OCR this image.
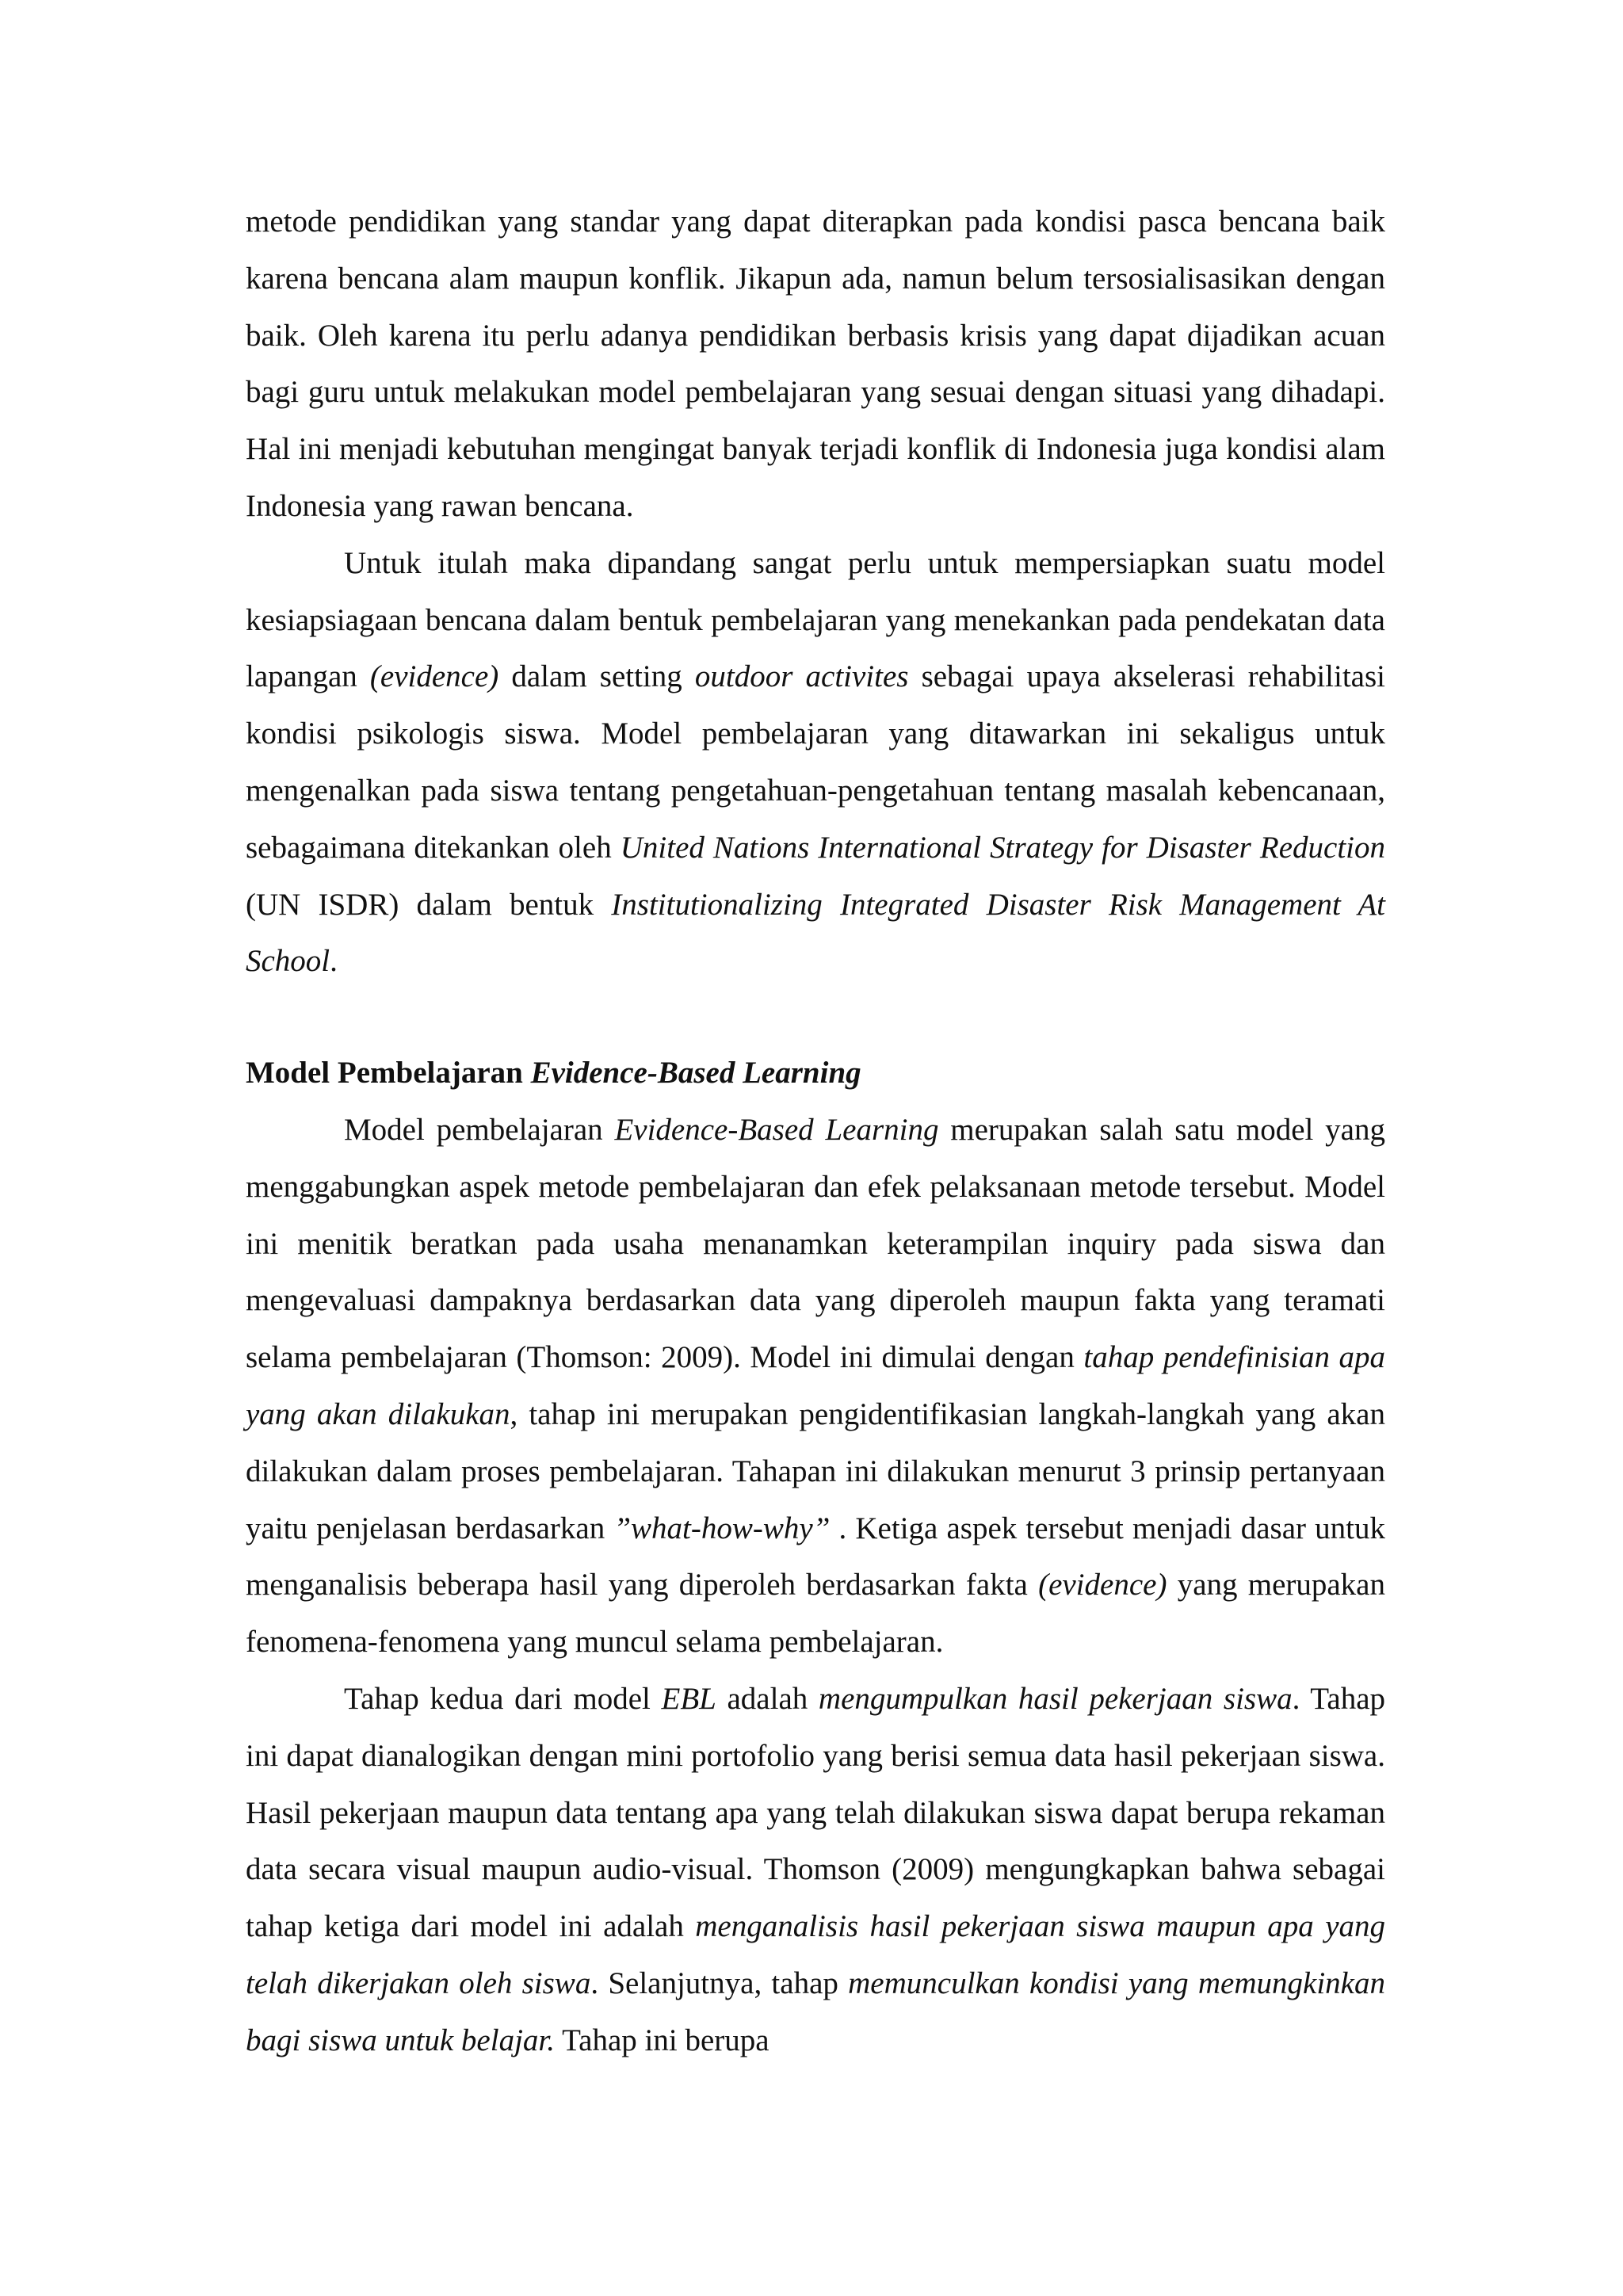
metode pendidikan yang standar yang dapat diterapkan pada kondisi pasca bencana baik karena bencana alam maupun konflik. Jikapun ada, namun belum tersosialisasikan dengan baik. Oleh karena itu perlu adanya pendidikan berbasis krisis yang dapat dijadikan acuan bagi guru untuk melakukan model pembelajaran yang sesuai dengan situasi yang dihadapi. Hal ini menjadi kebutuhan mengingat banyak terjadi konflik di Indonesia juga kondisi alam Indonesia yang rawan bencana.

Untuk itulah maka dipandang sangat perlu untuk mempersiapkan suatu model kesiapsiagaan bencana dalam bentuk pembelajaran yang menekankan pada pendekatan data lapangan (evidence) dalam setting outdoor activites sebagai upaya akselerasi rehabilitasi kondisi psikologis siswa. Model pembelajaran yang ditawarkan ini sekaligus untuk mengenalkan pada siswa tentang pengetahuan-pengetahuan tentang masalah kebencanaan, sebagaimana ditekankan oleh United Nations International Strategy for Disaster Reduction (UN ISDR) dalam bentuk Institutionalizing Integrated Disaster Risk Management At School.

Model Pembelajaran Evidence-Based Learning

Model pembelajaran Evidence-Based Learning merupakan salah satu model yang menggabungkan aspek metode pembelajaran dan efek pelaksanaan metode tersebut. Model ini menitik beratkan pada usaha menanamkan keterampilan inquiry pada siswa dan mengevaluasi dampaknya berdasarkan data yang diperoleh maupun fakta yang teramati selama pembelajaran (Thomson: 2009). Model ini dimulai dengan tahap pendefinisian apa yang akan dilakukan, tahap ini merupakan pengidentifikasian langkah-langkah yang akan dilakukan dalam proses pembelajaran. Tahapan ini dilakukan menurut 3 prinsip pertanyaan yaitu penjelasan berdasarkan ”what-how-why” . Ketiga aspek tersebut menjadi dasar untuk menganalisis beberapa hasil yang diperoleh berdasarkan fakta (evidence) yang merupakan fenomena-fenomena yang muncul selama pembelajaran.

Tahap kedua dari model EBL adalah mengumpulkan hasil pekerjaan siswa. Tahap ini dapat dianalogikan dengan mini portofolio yang berisi semua data hasil pekerjaan siswa. Hasil pekerjaan maupun data tentang apa yang telah dilakukan siswa dapat berupa rekaman data secara visual maupun audio-visual. Thomson (2009) mengungkapkan bahwa sebagai tahap ketiga dari model ini adalah menganalisis hasil pekerjaan siswa maupun apa yang telah dikerjakan oleh siswa. Selanjutnya, tahap memunculkan kondisi yang memungkinkan bagi siswa untuk belajar. Tahap ini berupa
